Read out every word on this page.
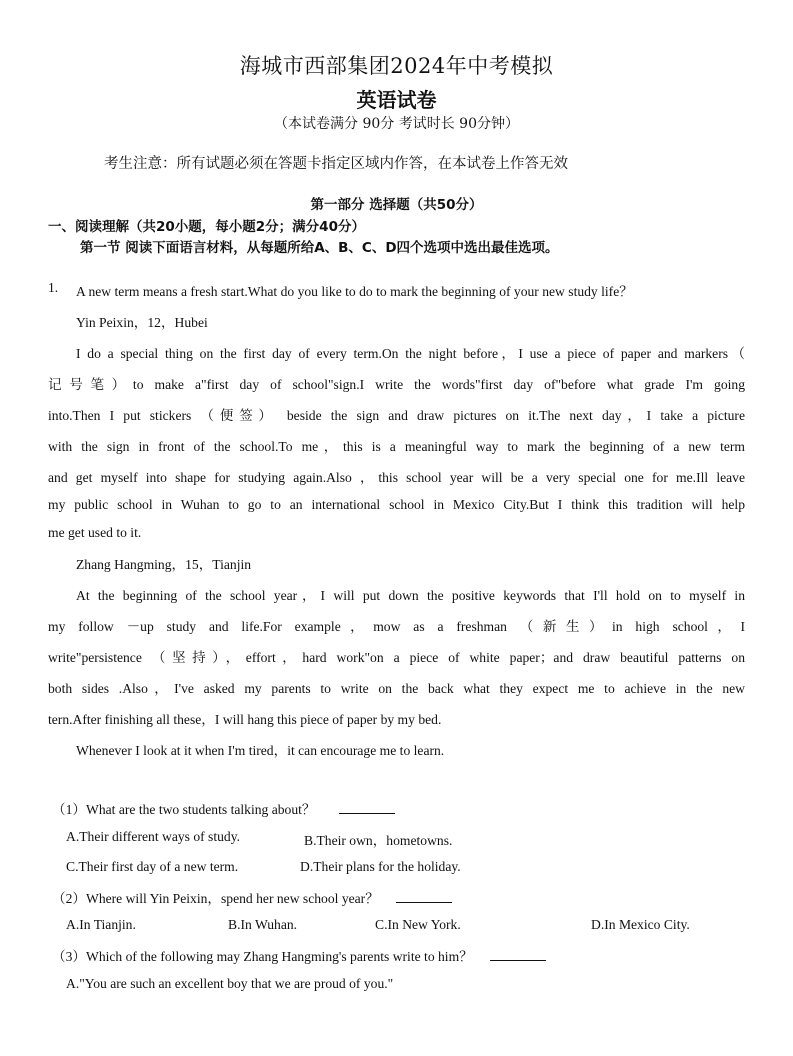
海城市西部集团2024年中考模拟
英语试卷
（本试卷满分 90分 考试时长 90分钟）
考生注意：所有试题必须在答题卡指定区域内作答，在本试卷上作答无效
第一部分 选择题（共50分）
一、阅读理解（共20小题，每小题2分；满分40分）
第一节 阅读下面语言材料，从每题所给A、B、C、D四个选项中选出最佳选项。
1. A new term means a fresh start.What do you like to do to mark the beginning of your new study life？
Yin Peixin，12，Hubei
I do a special thing on the first day of every term.On the night before，I use a piece of paper and markers（
记号笔）to make a"first day of school"sign.I write the words"first day of"before what grade I'm going
into.Then I put stickers （便签） beside the sign and draw pictures on it.The next day，I take a picture
with the sign in front of the school.To me，this is a meaningful way to mark the beginning of a new term
and get myself into shape for studying again.Also ，this school year will be a very special one for me.Ill leave
my public school in Wuhan to go to an international school in Mexico City.But I think this tradition will help
me get used to it.
Zhang Hangming，15，Tianjin
At the beginning of the school year，I will put down the positive keywords that I'll hold on to myself in
my follow －up study and life.For example，mow as a freshman （新生）in high school，I
write"persistence （坚持），effort，hard work"on a piece of white paper；and draw beautiful patterns on
both sides .Also，I've asked my parents to write on the back what they expect me to achieve in the new
tern.After finishing all these，I will hang this piece of paper by my bed.
Whenever I look at it when I'm tired，it can encourage me to learn.
（1）What are the two students talking about？
A.Their different ways of study.	B.Their own，hometowns.
C.Their first day of a new term.	D.Their plans for the holiday.
（2）Where will Yin Peixin，spend her new school year？
A.In Tianjin.	B.In Wuhan.	C.In New York.	D.In Mexico City.
（3）Which of the following may Zhang Hangming's parents write to him？
A."You are such an excellent boy that we are proud of you."
